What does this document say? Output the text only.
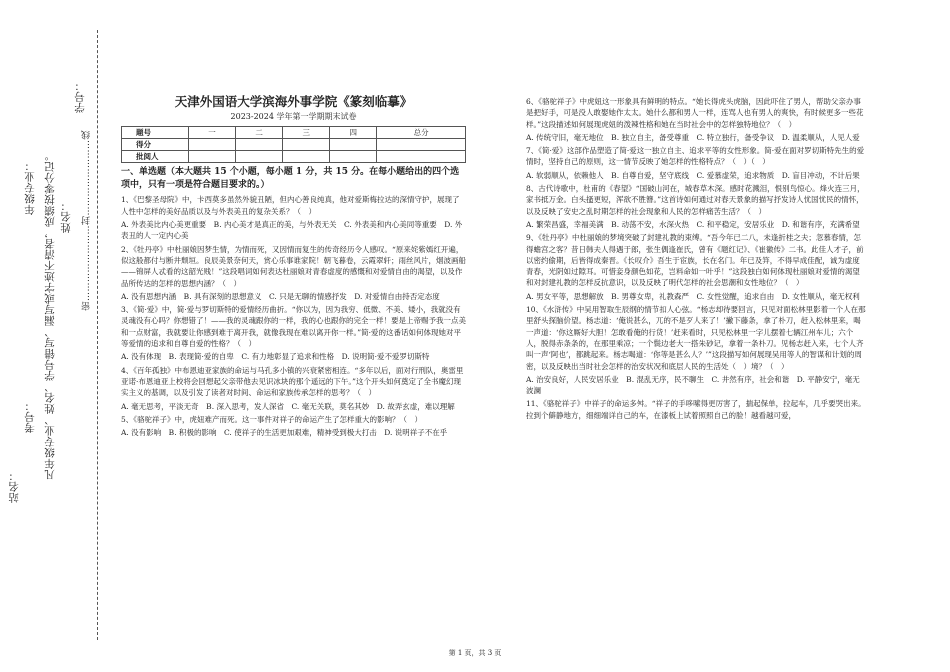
站名：
年级专业：
考号： 凡年级专业、姓名、学号错写、漏写或字迹不清者，成绩按零分记。 姓名：
学号：
密……………………封……………………线
天津外国语大学滨海外事学院《篆刻临摹》
2023-2024 学年第一学期期末试卷
题号	一	二	三	四	总分
得分					
批阅人					
一、单选题（本大题共 15 个小题，每小题 1 分，共 15 分。在每小题给出的四个选项中，只有一项是符合题目要求的。）

1、《巴黎圣母院》中，卡西莫多虽然外貌丑陋，但内心善良纯真，他对爱斯梅拉达的深情守护，展现了人性中怎样的美好品质以及与外表美丑的复杂关系？（　）

A. 外表美比内心美更重要　B. 内心美才是真正的美，与外表无关　C. 外表美和内心美同等重要　D. 外表丑的人一定内心美

2、《牡丹亭》中杜丽娘因梦生情，为情而死，又因情而复生的传奇经历令人感叹。“原来姹紫嫣红开遍，似这般都付与断井颓垣。良辰美景奈何天，赏心乐事谁家院！朝飞暮卷，云霞翠轩；雨丝风片，烟波画船——锦屏人忒看的这韶光贱！”这段唱词如何表达杜丽娘对青春虚度的感慨和对爱情自由的渴望，以及作品所传达的怎样的思想内涵？（　）

A. 没有思想内涵　B. 具有深刻的思想意义　C. 只是无聊的情感抒发　D. 对爱情自由持否定态度

3、《简·爱》中，简·爱与罗切斯特的爱情经历曲折。“你以为，因为我穷、低微、不美、矮小，我就没有灵魂没有心吗？你想错了！——我的灵魂跟你的一样，我的心也跟你的完全一样！要是上帝赐予我一点美和一点财富，我就要让你感到难于离开我，就像我现在难以离开你一样。”简·爱的这番话如何体现她对平等爱情的追求和自尊自爱的性格？（　）

A. 没有体现　B. 表现简·爱的自卑　C. 有力地彰显了追求和性格　D. 说明简·爱不爱罗切斯特

4、《百年孤独》中布恩迪亚家族的命运与马孔多小镇的兴衰紧密相连。“多年以后，面对行刑队，奥雷里亚诺·布恩迪亚上校将会回想起父亲带他去见识冰块的那个遥远的下午。”这个开头如何奠定了全书魔幻现实主义的基调，以及引发了读者对时间、命运和家族传承怎样的思考？（　）

A. 毫无思考，平淡无奇　B. 深入思考，发人深省　C. 毫无关联，莫名其妙　D. 故弄玄虚，难以理解

5、《骆驼祥子》中，虎妞难产而死。这一事件对祥子的命运产生了怎样重大的影响？（　）

A. 没有影响　B. 积极的影响　C. 使祥子的生活更加艰难，精神受到极大打击　D. 说明祥子不在乎

6、《骆驼祥子》中虎妞这一形象具有鲜明的特点。“她长得虎头虎脑，因此吓住了男人，帮助父亲办事是把好手，可是没人敢娶她作太太。她什么都和男人一样，连骂人也有男人的爽快，有时候更多一些花样。”这段描述如何展现虎妞的泼辣性格和她在当时社会中的怎样独特地位？（　）

A. 传统守旧，毫无地位　B. 独立自主，备受尊重　C. 特立独行，备受争议　D. 温柔顺从，人见人爱

7、《简·爱》这部作品塑造了简·爱这一独立自主、追求平等的女性形象。简·爱在面对罗切斯特先生的爱情时，坚持自己的原则，这一情节反映了她怎样的性格特点？（　）（　）

A. 软弱顺从，依赖他人　B. 自尊自爱，坚守底线　C. 爱慕虚荣，追求物质　D. 盲目冲动，不计后果

8、古代诗歌中，杜甫的《春望》“国破山河在，城春草木深。感时花溅泪，恨别鸟惊心。烽火连三月，家书抵万金。白头搔更短，浑欲不胜簪。”这首诗如何通过对春天景象的描写抒发诗人忧国忧民的情怀，以及反映了安史之乱时期怎样的社会现象和人民的怎样痛苦生活？（　）

A. 繁荣昌盛，幸福美满　B. 动荡不安，水深火热　C. 和平稳定，安居乐业　D. 和谐有序，充满希望

9、《牡丹亭》中杜丽娘的梦境突破了封建礼教的束缚。“吾今年已二八，未逢折桂之夫；忽慕春情，怎得蟾宫之客？昔日韩夫人得遇于郎，张生偶逢崔氏，曾有《题红记》、《崔徽传》二书。此佳人才子，前以密约偷期，后皆得成秦晋。《长叹介》吾生于宦族，长在名门。年已及笄，不得早成佳配，诚为虚度青春，光阴如过隙耳。可惜妾身颜色如花，岂料命如一叶乎！”这段独白如何体现杜丽娘对爱情的渴望和对封建礼教的怎样反抗意识，以及反映了明代怎样的社会思潮和女性地位？（　）

A. 男女平等，思想解放　B. 男尊女卑，礼教森严　C. 女性觉醒，追求自由　D. 女性顺从，毫无权利

10、《水浒传》中吴用智取生辰纲的情节扣人心弦。“杨志却待要回言，只见对面松林里影着一个人在那里舒头探脑价望。杨志道：‘俺说甚么，兀的不是歹人来了！’撇下藤条，拿了朴刀，赶入松林里来，喝一声道：‘你这厮好大胆！怎敢看俺的行货！’赶来看时，只见松林里一字儿摆着七辆江州车儿；六个人，脱得赤条条的，在那里乘凉；一个鬓边老大一搭朱砂记，拿着一条朴刀。见杨志赶入来，七个人齐叫一声‘阿也’，都跳起来。杨志喝道：‘你等是甚么人？’”这段描写如何展现吴用等人的智谋和计划的周密，以及反映出当时社会怎样的治安状况和底层人民的生活处（　）境？（　）

A. 治安良好，人民安居乐业　B. 混乱无序，民不聊生　C. 井然有序，社会和谐　D. 平静安宁，毫无波澜

11、《骆驼祥子》中祥子的命运多舛。“祥子的手哆嗦得更厉害了，揣起保单，拉起车，几乎要哭出来。拉到个僻静地方，细细端详自己的车，在漆板上试着照照自己的脸！越看越可爱，

第 1 页，共 3 页
